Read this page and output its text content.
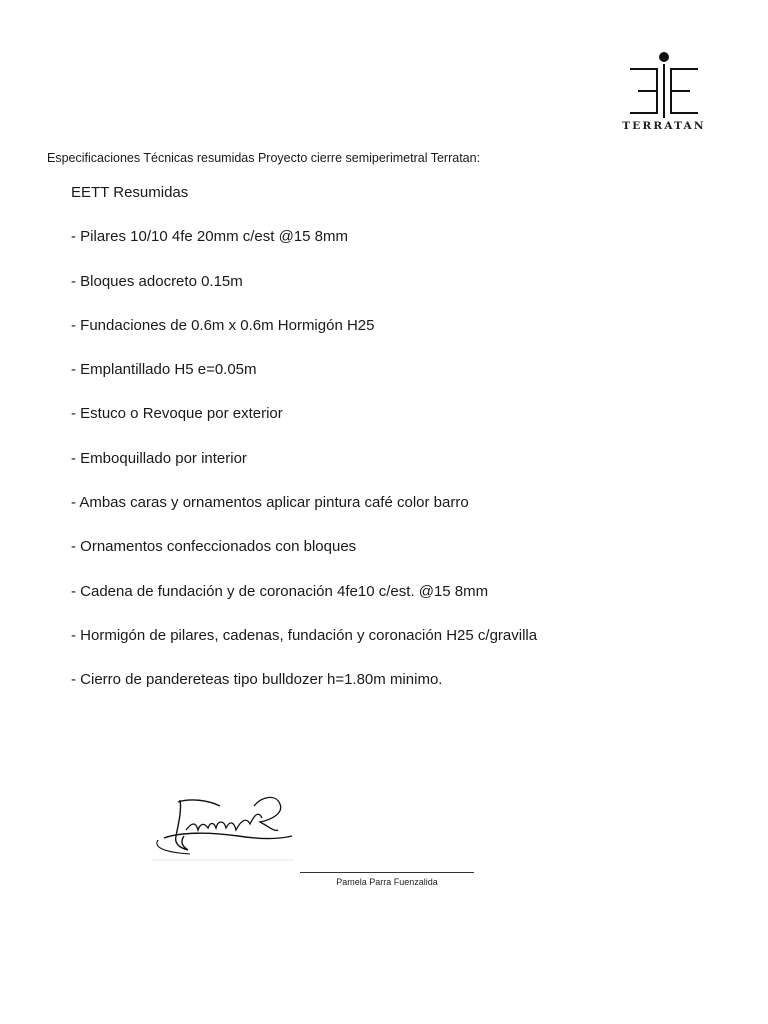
TERRATAN
Especificaciones Técnicas resumidas Proyecto cierre semiperimetral Terratan:
EETT Resumidas
- Pilares 10/10 4fe 20mm c/est @15 8mm
- Bloques adocreto 0.15m
- Fundaciones de 0.6m x 0.6m Hormigón H25
- Emplantillado H5 e=0.05m
- Estuco o Revoque por exterior
- Emboquillado por interior
- Ambas caras y ornamentos aplicar pintura café color barro
- Ornamentos confeccionados con bloques
- Cadena de fundación y de coronación 4fe10 c/est. @15 8mm
- Hormigón de pilares, cadenas, fundación y coronación H25 c/gravilla
- Cierro de pandereteas tipo bulldozer h=1.80m minimo.
Pamela Parra Fuenzalida
